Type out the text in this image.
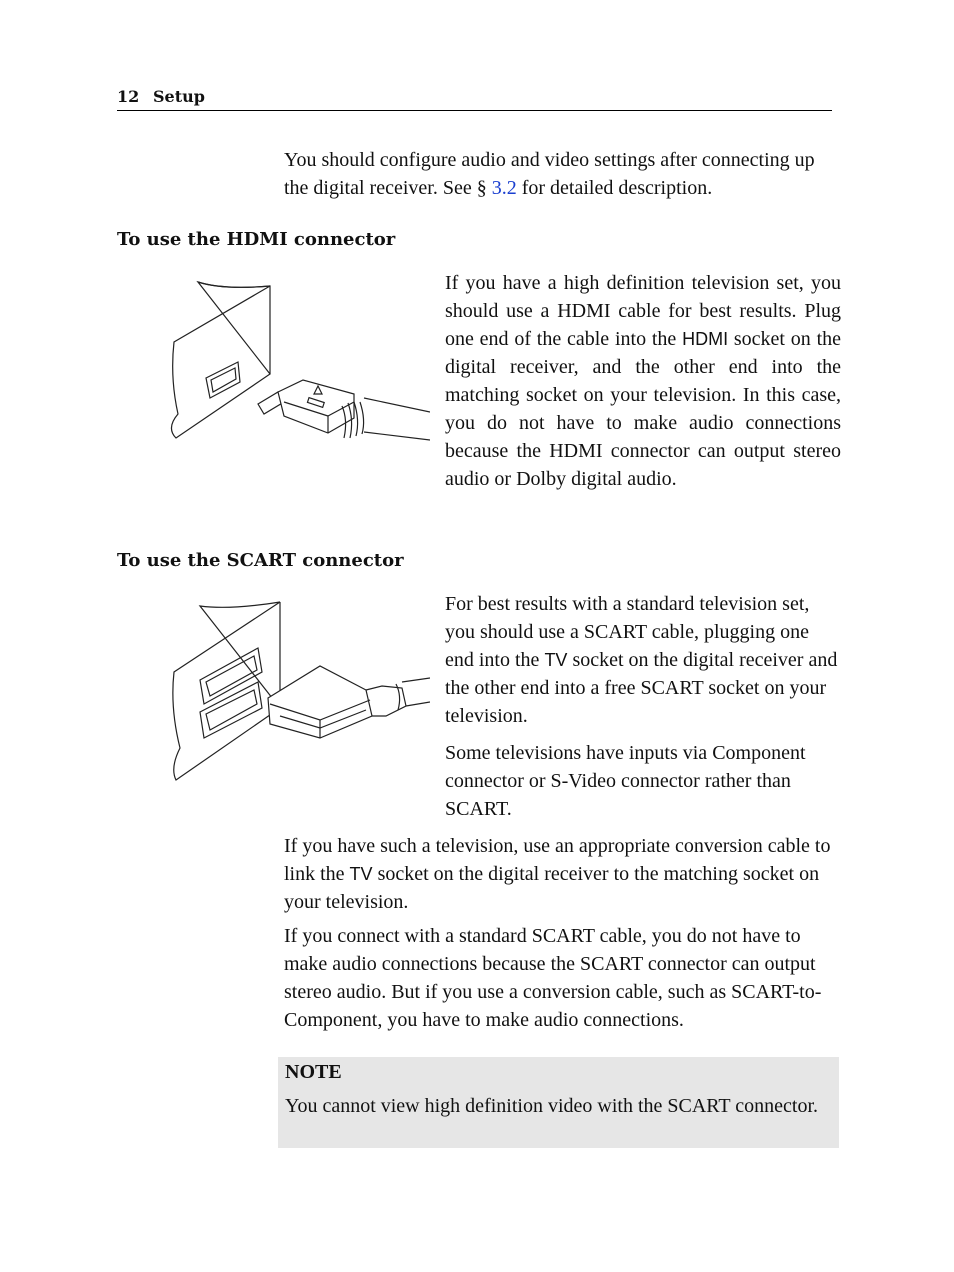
12 Setup

You should configure audio and video settings after connecting up the digital receiver. See § 3.2 for detailed description.

To use the HDMI connector

If you have a high definition television set, you should use a HDMI cable for best results. Plug one end of the cable into the HDMI socket on the digital receiver, and the other end into the matching socket on your television. In this case, you do not have to make audio connections because the HDMI connector can output stereo audio or Dolby digital audio.

To use the SCART connector

For best results with a standard television set, you should use a SCART cable, plugging one end into the TV socket on the digital receiver and the other end into a free SCART socket on your television.

Some televisions have inputs via Component connector or S-Video connector rather than SCART.

If you have such a television, use an appropriate conversion cable to link the TV socket on the digital receiver to the matching socket on your television.

If you connect with a standard SCART cable, you do not have to make audio connections because the SCART connector can output stereo audio. But if you use a conversion cable, such as SCART-to-Component, you have to make audio connections.

NOTE

You cannot view high definition video with the SCART connector.
